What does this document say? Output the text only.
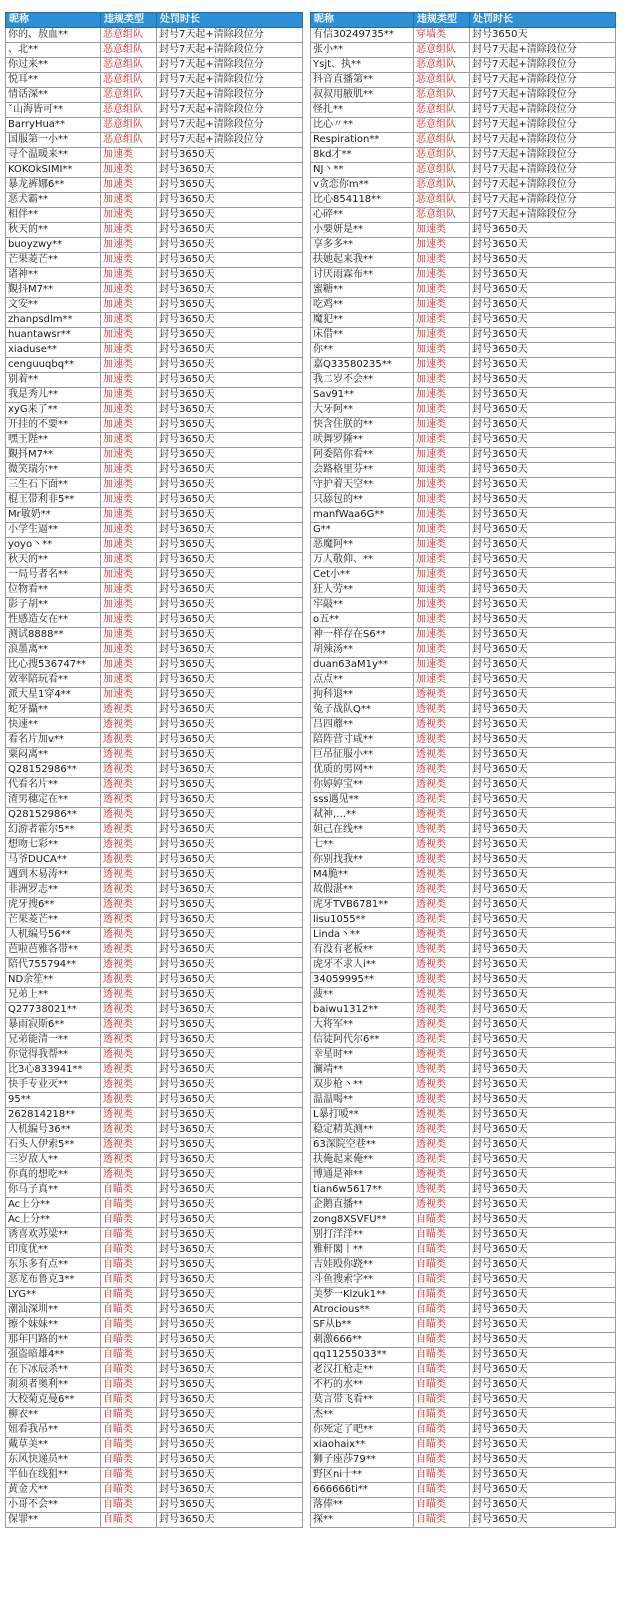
昵称	违规类型	处罚时长
你的、敖血**	恶意组队	封号7天起+清除段位分
、北**	恶意组队	封号7天起+清除段位分
你过来**	恶意组队	封号7天起+清除段位分
悦耳**	恶意组队	封号7天起+清除段位分
情话深**	恶意组队	封号7天起+清除段位分
ˇ山海皆可**	恶意组队	封号7天起+清除段位分
BarryHua**	恶意组队	封号7天起+清除段位分
国服第一小**	恶意组队	封号7天起+清除段位分
寻个温暖来**	加速类	封号3650天
KOKOkSIMI**	加速类	封号3650天
暴龙裤娜6**	加速类	封号3650天
恶犬霸**	加速类	封号3650天
相伴**	加速类	封号3650天
秋天的**	加速类	封号3650天
buoyzwy**	加速类	封号3650天
芒果菱芒**	加速类	封号3650天
诸神**	加速类	封号3650天
覲抖M7**	加速类	封号3650天
文安**	加速类	封号3650天
zhanpsdlm**	加速类	封号3650天
huantawsr**	加速类	封号3650天
xiaduse**	加速类	封号3650天
cenguuqbq**	加速类	封号3650天
别着**	加速类	封号3650天
我是秀儿**	加速类	封号3650天
xyG来了**	加速类	封号3650天
开挂的不要**	加速类	封号3650天
嘿王陛**	加速类	封号3650天
覲抖M7**	加速类	封号3650天
微笑瑞尔**	加速类	封号3650天
三生石下面**	加速类	封号3650天
棍王带利非5**	加速类	封号3650天
Mr敏奶**	加速类	封号3650天
小学生逼**	加速类	封号3650天
yoyo丶**	加速类	封号3650天
秋天的**	加速类	封号3650天
一局号者名**	加速类	封号3650天
位物看**	加速类	封号3650天
影子胡**	加速类	封号3650天
性感造女在**	加速类	封号3650天
测试8888**	加速类	封号3650天
浪墨离**	加速类	封号3650天
比心搜536747**	加速类	封号3650天
效率陪玩看**	加速类	封号3650天
派大星1穿4**	加速类	封号3650天
蛇牙攝**	透视类	封号3650天
快速**	透视类	封号3650天
看名片加v**	透视类	封号3650天
粟闷离**	透视类	封号3650天
Q28152986**	透视类	封号3650天
代看名片**	透视类	封号3650天
渣男穗定在**	透视类	封号3650天
Q28152986**	透视类	封号3650天
幻游者霍尔5**	透视类	封号3650天
想吻七彩**	透视类	封号3650天
马爷DUCA**	透视类	封号3650天
遇到木易涛**	透视类	封号3650天
非洲罗志**	透视类	封号3650天
虎牙搜6**	透视类	封号3650天
芒果菱芒**	透视类	封号3650天
人机编号56**	透视类	封号3650天
芭啦芭雅各带**	透视类	封号3650天
陪代755794**	透视类	封号3650天
ND余笙**	透视类	封号3650天
兄弟上**	透视类	封号3650天
Q27738021**	透视类	封号3650天
暴雨寂斯6**	透视类	封号3650天
兄弟能清一**	透视类	封号3650天
你觉得我帮**	透视类	封号3650天
比3心833941**	透视类	封号3650天
快手专业灭**	透视类	封号3650天
95**	透视类	封号3650天
262814218**	透视类	封号3650天
人机编号36**	透视类	封号3650天
石头人伊索5**	透视类	封号3650天
三岁敌人**	透视类	封号3650天
你真的想吃**	透视类	封号3650天
你马子真**	自瞄类	封号3650天
Ac上分**	自瞄类	封号3650天
Ac上分**	自瞄类	封号3650天
诱喜欢苏梁**	自瞄类	封号3650天
印度优**	自瞄类	封号3650天
东乐多有点**	自瞄类	封号3650天
恶龙布鲁克3**	自瞄类	封号3650天
LYG**	自瞄类	封号3650天
潮汕深圳**	自瞄类	封号3650天
擦个妹妹**	自瞄类	封号3650天
那年円路的**	自瞄类	封号3650天
强盗暗雄4**	自瞄类	封号3650天
在下冰辰杀**	自瞄类	封号3650天
刹须者奥利**	自瞄类	封号3650天
大校菊克曼6**	自瞄类	封号3650天
柳衣**	自瞄类	封号3650天
妞看我吊**	自瞄类	封号3650天
戴草美**	自瞄类	封号3650天
东风快递员**	自瞄类	封号3650天
半仙在线狙**	自瞄类	封号3650天
黄金犬**	自瞄类	封号3650天
小哥不会**	自瞄类	封号3650天
保罪**	自瞄类	封号3650天
昵称	违规类型	处罚时长
有信30249735**	穿墙类	封号3650天
张小**	恶意组队	封号7天起+清除段位分
Ysjt、执**	恶意组队	封号7天起+清除段位分
抖音直播第**	恶意组队	封号7天起+清除段位分
叔叔用腋肌**	恶意组队	封号7天起+清除段位分
怪扎**	恶意组队	封号7天起+清除段位分
比心〃**	恶意组队	封号7天起+清除段位分
Respiration**	恶意组队	封号7天起+清除段位分
8kd才**	恶意组队	封号7天起+清除段位分
NJ丶**	恶意组队	封号7天起+清除段位分
v贪恋你m**	恶意组队	封号7天起+清除段位分
比心854118**	恶意组队	封号7天起+清除段位分
心碎**	恶意组队	封号7天起+清除段位分
小要妍是**	加速类	封号3650天
享多多**	加速类	封号3650天
扶她起来我**	加速类	封号3650天
讨厌雨霖布**	加速类	封号3650天
蜜糖**	加速类	封号3650天
吃鸡**	加速类	封号3650天
魔犯**	加速类	封号3650天
床借**	加速类	封号3650天
你**	加速类	封号3650天
嘉Q33580235**	加速类	封号3650天
我二岁不会**	加速类	封号3650天
Sav91**	加速类	封号3650天
大牙阿**	加速类	封号3650天
快含住朕的**	加速类	封号3650天
吠舞罗陲**	加速类	封号3650天
阿委陪你看**	加速类	封号3650天
会路格里芬**	加速类	封号3650天
守护着天空**	加速类	封号3650天
只舔包的**	加速类	封号3650天
manfWaa6G**	加速类	封号3650天
G**	加速类	封号3650天
恶魔阿**	加速类	封号3650天
万人敬仰、**	加速类	封号3650天
Cet小**	加速类	封号3650天
狂人劳**	加速类	封号3650天
牢敲**	加速类	封号3650天
o五**	加速类	封号3650天
神一样存在S6**	加速类	封号3650天
胡辣汤**	加速类	封号3650天
duan63aM1y**	加速类	封号3650天
点点**	加速类	封号3650天
拘科退**	透视类	封号3650天
兔子战队Q**	透视类	封号3650天
吕四蘼**	透视类	封号3650天
陪阵营寸咸**	透视类	封号3650天
巨吊征服小**	透视类	封号3650天
优质的男网**	透视类	封号3650天
你婷婷宝**	透视类	封号3650天
sss遇见**	透视类	封号3650天
弒神,…**	透视类	封号3650天
妲己在线**	透视类	封号3650天
七**	透视类	封号3650天
你别找我**	透视类	封号3650天
M4脆**	透视类	封号3650天
故假湛**	透视类	封号3650天
虎牙TVB6781**	透视类	封号3650天
lisu1055**	透视类	封号3650天
Linda丶**	透视类	封号3650天
有没有老板**	透视类	封号3650天
虎牙不求人i**	透视类	封号3650天
34059995**	透视类	封号3650天
菠**	透视类	封号3650天
baiwu1312**	透视类	封号3650天
大将军**	透视类	封号3650天
信徒阿代尔6**	透视类	封号3650天
幸星时**	透视类	封号3650天
澜靖**	透视类	封号3650天
双步枪丶**	透视类	封号3650天
温温喝**	透视类	封号3650天
L暴打嗳**	透视类	封号3650天
稳定精英测**	透视类	封号3650天
63深院空巷**	透视类	封号3650天
扶俺起来俺**	透视类	封号3650天
博通是神**	透视类	封号3650天
tian6w5617**	透视类	封号3650天
企鹅直播**	透视类	封号3650天
zong8XSVFU**	自瞄类	封号3650天
别打洋洋**	自瞄类	封号3650天
雅軒閣丨**	自瞄类	封号3650天
吉娃殴你跷**	自瞄类	封号3650天
斗鱼搜索字**	自瞄类	封号3650天
美梦一Klzuk1**	自瞄类	封号3650天
Atrocious**	自瞄类	封号3650天
SF从b**	自瞄类	封号3650天
刺激666**	自瞄类	封号3650天
qq11255033**	自瞄类	封号3650天
老汉扛枪走**	自瞄类	封号3650天
不朽的水**	自瞄类	封号3650天
莫言带飞看**	自瞄类	封号3650天
杰**	自瞄类	封号3650天
你死定了吧**	自瞄类	封号3650天
xiaohaix**	自瞄类	封号3650天
狮子座莎79**	自瞄类	封号3650天
野区ni十**	自瞄类	封号3650天
666666ti**	自瞄类	封号3650天
落俸**	自瞄类	封号3650天
探**	自瞄类	封号3650天
